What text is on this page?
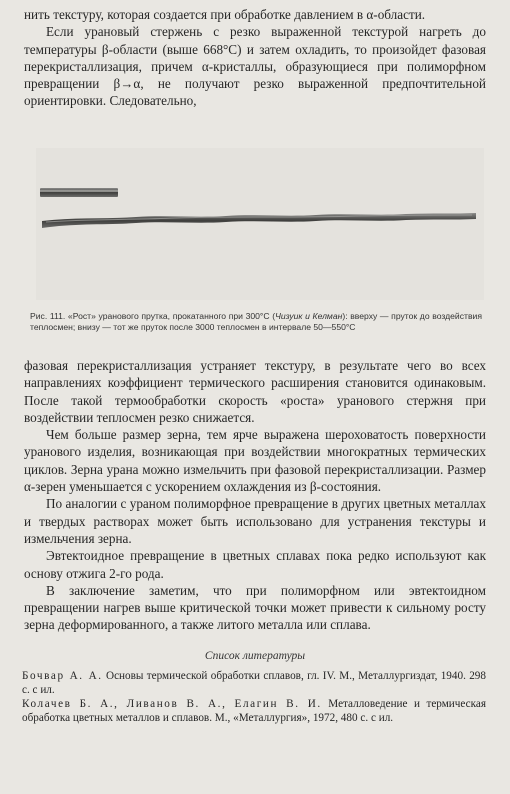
нить текстуру, которая создается при обработке давлением в α-области.

Если урановый стержень с резко выраженной текстурой нагреть до температуры β-области (выше 668°С) и затем охладить, то произойдет фазовая перекристаллизация, причем α-кристаллы, образующиеся при полиморфном превращении β→α, не получают резко выраженной предпочтительной ориентировки. Следовательно,

Рис. 111. «Рост» уранового прутка, прокатанного при 300°С (Чизуик и Келман): вверху — пруток до воздействия теплосмен; внизу — тот же пруток после 3000 теплосмен в интервале 50—550°С

фазовая перекристаллизация устраняет текстуру, в результате чего во всех направлениях коэффициент термического расширения становится одинаковым. После такой термообработки скорость «роста» уранового стержня при воздействии теплосмен резко снижается.

Чем больше размер зерна, тем ярче выражена шероховатость поверхности уранового изделия, возникающая при воздействии многократных термических циклов. Зерна урана можно измельчить при фазовой перекристаллизации. Размер α-зерен уменьшается с ускорением охлаждения из β-состояния.

По аналогии с ураном полиморфное превращение в других цветных металлах и твердых растворах может быть использовано для устранения текстуры и измельчения зерна.

Эвтектоидное превращение в цветных сплавах пока редко используют как основу отжига 2-го рода.

В заключение заметим, что при полиморфном или эвтектоидном превращении нагрев выше критической точки может привести к сильному росту зерна деформированного, а также литого металла или сплава.

Список литературы
Бочвар А. А. Основы термической обработки сплавов, гл. IV. М., Металлургиздат, 1940. 298 с. с ил.
Колачев Б. А., Ливанов В. А., Елагин В. И. Металловедение и термическая обработка цветных металлов и сплавов. М., «Металлургия», 1972, 480 с. с ил.
